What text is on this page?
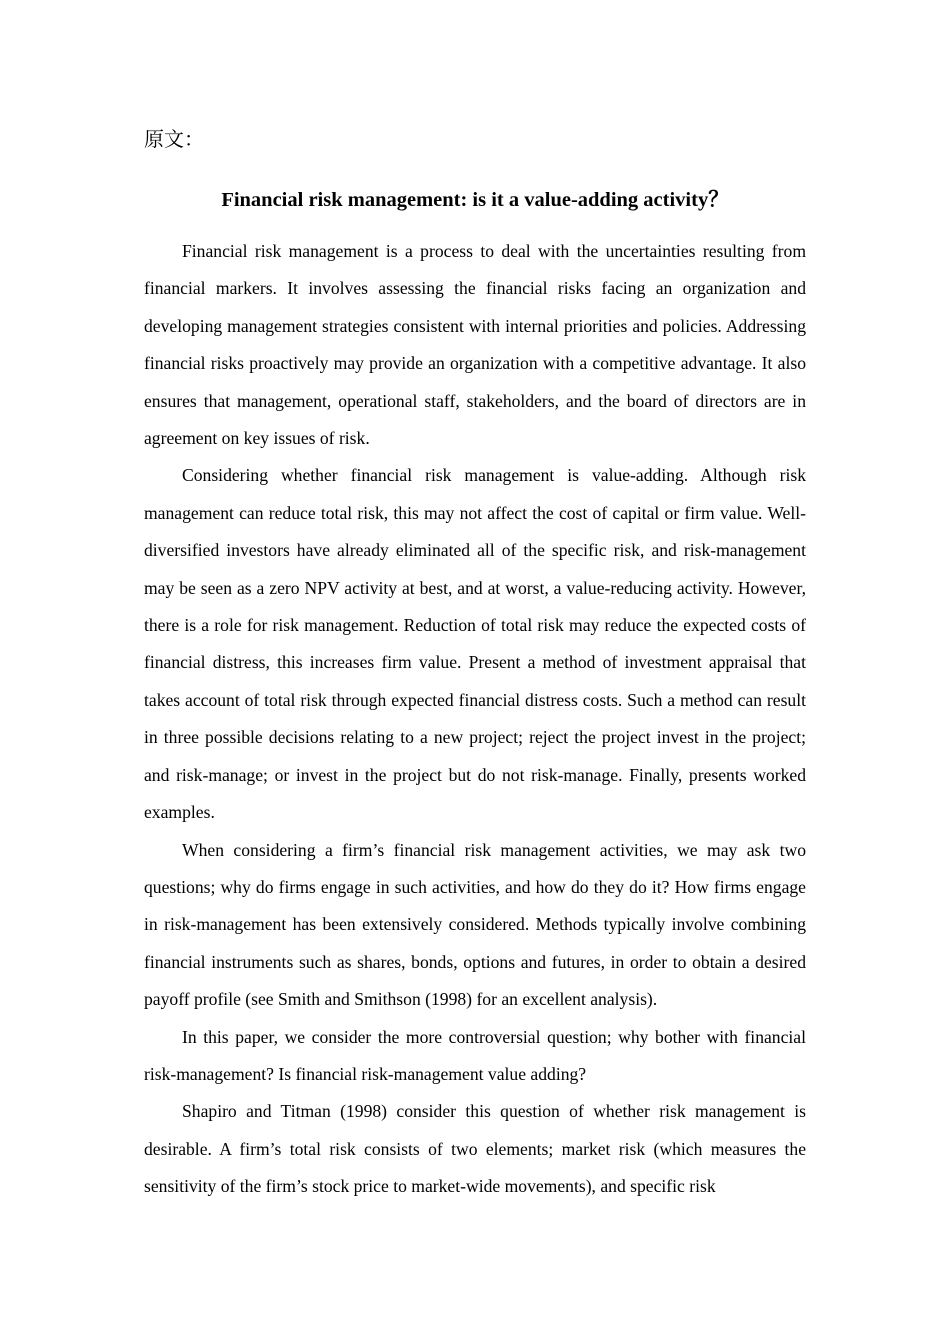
原文：
Financial risk management: is it a value-adding activity？

Financial risk management is a process to deal with the uncertainties resulting from financial markers. It involves assessing the financial risks facing an organization and developing management strategies consistent with internal priorities and policies. Addressing financial risks proactively may provide an organization with a competitive advantage. It also ensures that management, operational staff, stakeholders, and the board of directors are in agreement on key issues of risk.

Considering whether financial risk management is value-adding. Although risk management can reduce total risk, this may not affect the cost of capital or firm value. Well-diversified investors have already eliminated all of the specific risk, and risk-management may be seen as a zero NPV activity at best, and at worst, a value-reducing activity. However, there is a role for risk management. Reduction of total risk may reduce the expected costs of financial distress, this increases firm value. Present a method of investment appraisal that takes account of total risk through expected financial distress costs. Such a method can result in three possible decisions relating to a new project; reject the project invest in the project; and risk-manage; or invest in the project but do not risk-manage. Finally, presents worked examples.

When considering a firm’s financial risk management activities, we may ask two questions; why do firms engage in such activities, and how do they do it? How firms engage in risk-management has been extensively considered. Methods typically involve combining financial instruments such as shares, bonds, options and futures, in order to obtain a desired payoff profile (see Smith and Smithson (1998) for an excellent analysis).

In this paper, we consider the more controversial question; why bother with financial risk-management? Is financial risk-management value adding?

Shapiro and Titman (1998) consider this question of whether risk management is desirable. A firm’s total risk consists of two elements; market risk (which measures the sensitivity of the firm’s stock price to market-wide movements), and specific risk
